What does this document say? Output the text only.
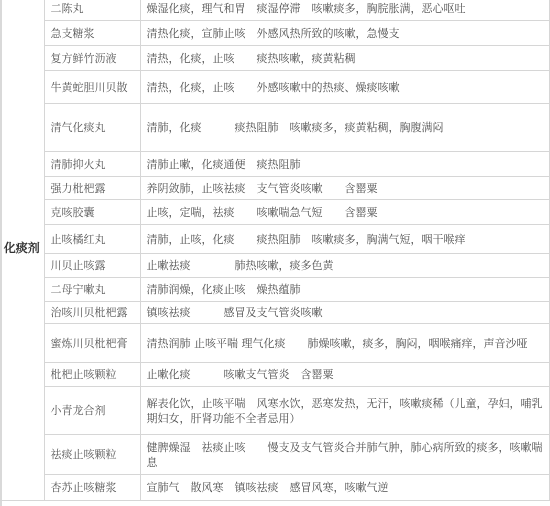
化痰剂	二陈丸	燥湿化痰，理气和胃　痰湿停滞　咳嗽痰多，胸脘胀满，恶心呕吐
	急支糖浆	清热化痰，宣肺止咳　外感风热所致的咳嗽，急慢支
	复方鲜竹沥液	清热，化痰，止咳　　痰热咳嗽，痰黄粘稠
	牛黄蛇胆川贝散	清热，化痰，止咳　　外感咳嗽中的热痰、燥痰咳嗽
	清气化痰丸	清肺，化痰　　　痰热阻肺　咳嗽痰多，痰黄粘稠，胸腹满闷
	清肺抑火丸	清肺止嗽，化痰通便　痰热阻肺
	强力枇杷露	养阴敛肺，止咳祛痰　支气管炎咳嗽　　含罂粟
	克咳胶囊	止咳，定喘，祛痰　　咳嗽喘急气短　　含罂粟
	止咳橘红丸	清肺，止咳，化痰　　痰热阻肺　咳嗽痰多，胸满气短，咽干喉痒
	川贝止咳露	止嗽祛痰　　　　肺热咳嗽，痰多色黄
	二母宁嗽丸	清肺润燥，化痰止咳　燥热蕴肺
	治咳川贝枇杷露	镇咳祛痰　　　感冒及支气管炎咳嗽
	蜜炼川贝枇杷膏	清热润肺 止咳平喘 理气化痰　　肺燥咳嗽，痰多，胸闷，咽喉痛痒，声音沙哑
	枇杷止咳颗粒	止嗽化痰　　　咳嗽支气管炎　含罂粟
	小青龙合剂	解表化饮，止咳平喘　风寒水饮，恶寒发热，无汗，咳嗽痰稀（儿童，孕妇，哺乳期妇女，肝肾功能不全者忌用）
	祛痰止咳颗粒	健脾燥湿　祛痰止咳　　慢支及支气管炎合并肺气肿，肺心病所致的痰多，咳嗽喘息
	杏苏止咳糖浆	宣肺气　散风寒　镇咳祛痰　感冒风寒，咳嗽气逆
